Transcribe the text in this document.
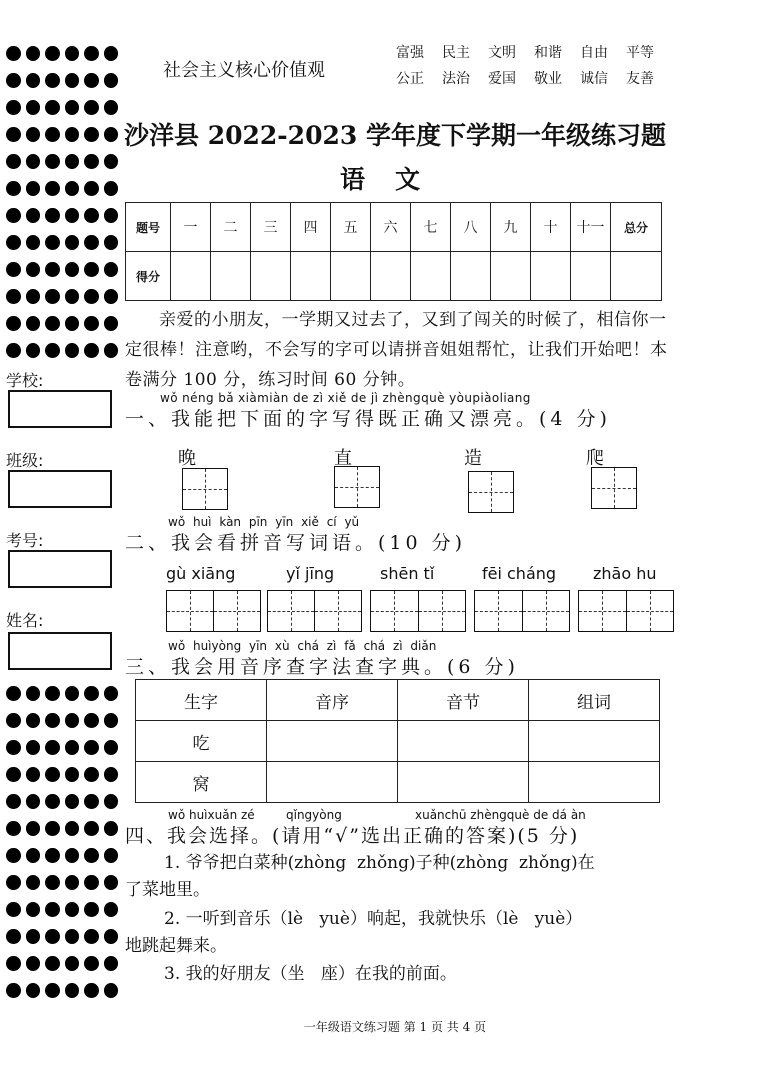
学校:
班级:
考号:
姓名:
社会主义核心价值观
富强	民主	文明	和谐	自由	平等
公正	法治	爱国	敬业	诚信	友善
沙洋县 2022-2023 学年度下学期一年级练习题
语文
题号	一	二	三	四	五	六	七	八	九	十	十一	总分
得分												
亲爱的小朋友，一学期又过去了，又到了闯关的时候了，相信你一定很棒！注意哟，不会写的字可以请拼音姐姐帮忙，让我们开始吧！本卷满分 100 分，练习时间 60 分钟。
wǒ néng bǎ xiàmiàn de zì xiě de jì zhèngquè yòupiàoliang
一、我能把下面的字写得既正确又漂亮。(4 分)
晚	直	造	爬
wǒ huì kàn pīn yīn xiě cí yǔ
二、我会看拼音写词语。(10 分)
gù xiāng	yǐ jīng	shēn tǐ	fēi cháng zhāo hu
wǒ huìyòng yīn xù chá zì fǎ chá zì diǎn
三、我会用音序查字法查字典。(6 分)
生字	音序	音节	组词
吃			
窝			
wǒ huìxuǎn zé	qǐngyòng	xuǎnchū zhèngquè de dá àn
四、我会选择。(请用“√”选出正确的答案)(5 分)
1. 爷爷把白菜种(zhòng  zhǒng)子种(zhòng  zhǒng)在
了菜地里。
2. 一听到音乐（lè   yuè）响起，我就快乐（lè   yuè）
地跳起舞来。
3. 我的好朋友（坐   座）在我的前面。
一年级语文练习题 第 1 页 共 4 页
